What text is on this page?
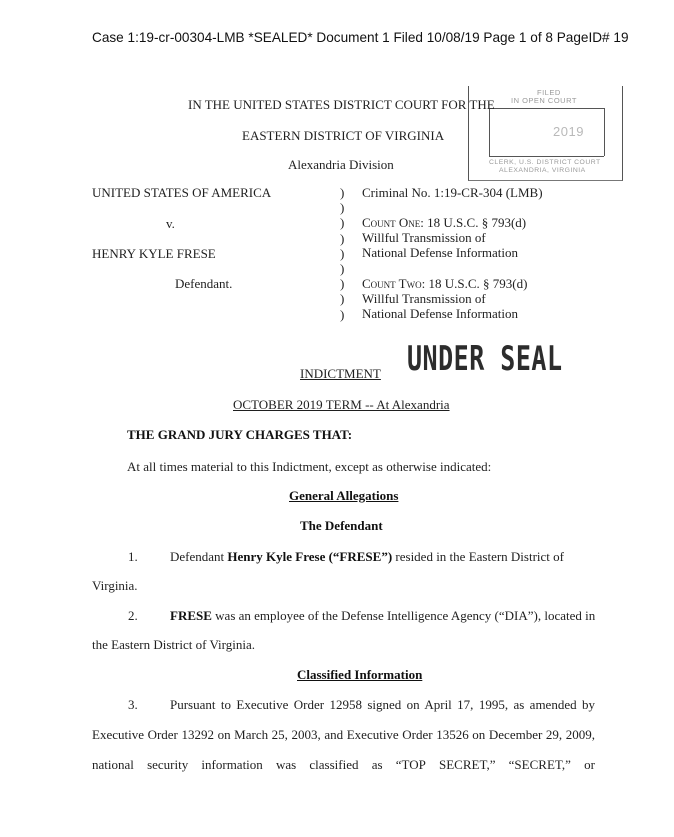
Case 1:19-cr-00304-LMB *SEALED* Document 1 Filed 10/08/19 Page 1 of 8 PageID# 19
FILED
IN OPEN COURT
2019
CLERK, U.S. DISTRICT COURT
ALEXANDRIA, VIRGINIA
IN THE UNITED STATES DISTRICT COURT FOR THE
EASTERN DISTRICT OF VIRGINIA
Alexandria Division
UNITED STATES OF AMERICA
v.
HENRY KYLE FRESE
Defendant.
)
)
)
)
)
)
)
)
)
Criminal No. 1:19-CR-304 (LMB)
Count One: 18 U.S.C. § 793(d)
Willful Transmission of
National Defense Information
Count Two: 18 U.S.C. § 793(d)
Willful Transmission of
National Defense Information
UNDER SEAL
INDICTMENT
OCTOBER 2019 TERM -- At Alexandria
THE GRAND JURY CHARGES THAT:
At all times material to this Indictment, except as otherwise indicated:
General Allegations
The Defendant
1. Defendant Henry Kyle Frese (“FRESE”) resided in the Eastern District of
Virginia.
2. FRESE was an employee of the Defense Intelligence Agency (“DIA”), located in
the Eastern District of Virginia.
Classified Information
3. Pursuant to Executive Order 12958 signed on April 17, 1995, as amended by
Executive Order 13292 on March 25, 2003, and Executive Order 13526 on December 29, 2009,
national security information was classified as “TOP SECRET,” “SECRET,” or
